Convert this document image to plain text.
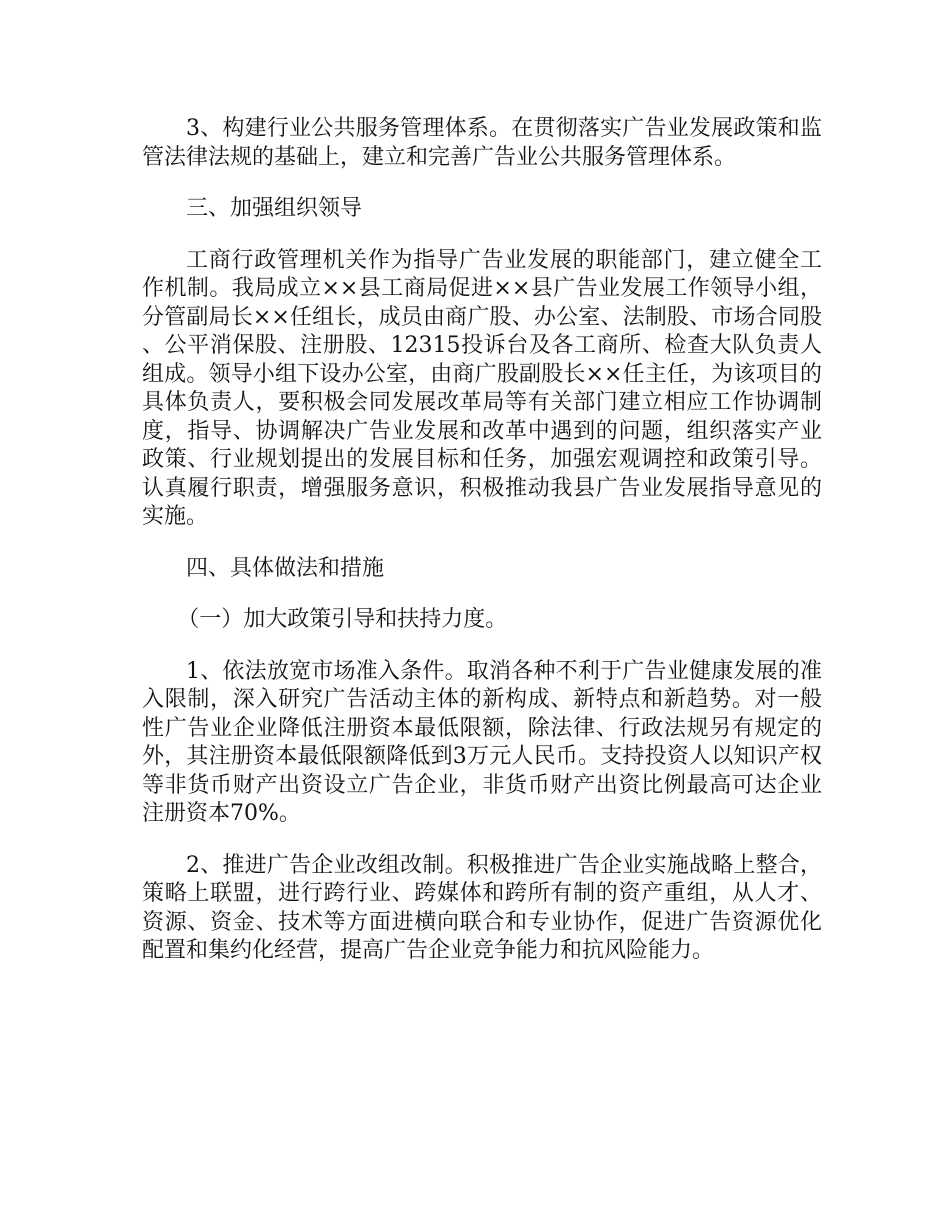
3、构建行业公共服务管理体系。在贯彻落实广告业发展政策和监管法律法规的基础上，建立和完善广告业公共服务管理体系。

三、加强组织领导

工商行政管理机关作为指导广告业发展的职能部门，建立健全工作机制。我局成立××县工商局促进××县广告业发展工作领导小组，分管副局长××任组长，成员由商广股、办公室、法制股、市场合同股、公平消保股、注册股、12315投诉台及各工商所、检查大队负责人组成。领导小组下设办公室，由商广股副股长××任主任，为该项目的具体负责人，要积极会同发展改革局等有关部门建立相应工作协调制度，指导、协调解决广告业发展和改革中遇到的问题，组织落实产业政策、行业规划提出的发展目标和任务，加强宏观调控和政策引导。认真履行职责，增强服务意识，积极推动我县广告业发展指导意见的实施。

四、具体做法和措施

（一）加大政策引导和扶持力度。

1、依法放宽市场准入条件。取消各种不利于广告业健康发展的准入限制，深入研究广告活动主体的新构成、新特点和新趋势。对一般性广告业企业降低注册资本最低限额，除法律、行政法规另有规定的外，其注册资本最低限额降低到3万元人民币。支持投资人以知识产权等非货币财产出资设立广告企业，非货币财产出资比例最高可达企业注册资本70%。

2、推进广告企业改组改制。积极推进广告企业实施战略上整合，策略上联盟，进行跨行业、跨媒体和跨所有制的资产重组，从人才、资源、资金、技术等方面进横向联合和专业协作，促进广告资源优化配置和集约化经营，提高广告企业竞争能力和抗风险能力。
